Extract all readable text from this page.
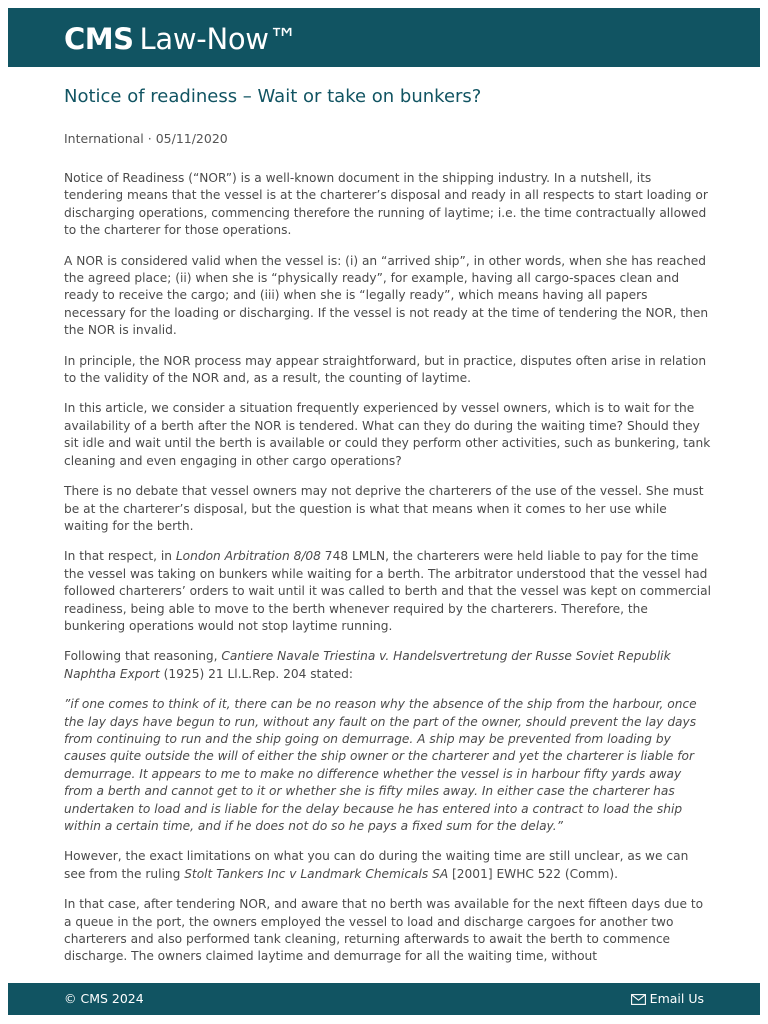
CMS Law-Now™
Notice of readiness – Wait or take on bunkers?
International · 05/11/2020

Notice of Readiness (“NOR”) is a well-known document in the shipping industry. In a nutshell, its tendering means that the vessel is at the charterer’s disposal and ready in all respects to start loading or discharging operations, commencing therefore the running of laytime; i.e. the time contractually allowed to the charterer for those operations.

A NOR is considered valid when the vessel is: (i) an “arrived ship”, in other words, when she has reached the agreed place; (ii) when she is “physically ready”, for example, having all cargo-spaces clean and ready to receive the cargo; and (iii) when she is “legally ready”, which means having all papers necessary for the loading or discharging. If the vessel is not ready at the time of tendering the NOR, then the NOR is invalid.

In principle, the NOR process may appear straightforward, but in practice, disputes often arise in relation to the validity of the NOR and, as a result, the counting of laytime.

In this article, we consider a situation frequently experienced by vessel owners, which is to wait for the availability of a berth after the NOR is tendered. What can they do during the waiting time? Should they sit idle and wait until the berth is available or could they perform other activities, such as bunkering, tank cleaning and even engaging in other cargo operations?

There is no debate that vessel owners may not deprive the charterers of the use of the vessel. She must be at the charterer’s disposal, but the question is what that means when it comes to her use while waiting for the berth.

In that respect, in London Arbitration 8/08 748 LMLN, the charterers were held liable to pay for the time the vessel was taking on bunkers while waiting for a berth. The arbitrator understood that the vessel had followed charterers’ orders to wait until it was called to berth and that the vessel was kept on commercial readiness, being able to move to the berth whenever required by the charterers. Therefore, the bunkering operations would not stop laytime running.

Following that reasoning, Cantiere Navale Triestina v. Handelsvertretung der Russe Soviet Republik Naphtha Export (1925) 21 Ll.L.Rep. 204 stated:

”if one comes to think of it, there can be no reason why the absence of the ship from the harbour, once the lay days have begun to run, without any fault on the part of the owner, should prevent the lay days from continuing to run and the ship going on demurrage. A ship may be prevented from loading by causes quite outside the will of either the ship owner or the charterer and yet the charterer is liable for demurrage. It appears to me to make no difference whether the vessel is in harbour fifty yards away from a berth and cannot get to it or whether she is fifty miles away. In either case the charterer has undertaken to load and is liable for the delay because he has entered into a contract to load the ship within a certain time, and if he does not do so he pays a fixed sum for the delay.”

However, the exact limitations on what you can do during the waiting time are still unclear, as we can see from the ruling Stolt Tankers Inc v Landmark Chemicals SA [2001] EWHC 522 (Comm).

In that case, after tendering NOR, and aware that no berth was available for the next fifteen days due to a queue in the port, the owners employed the vessel to load and discharge cargoes for another two charterers and also performed tank cleaning, returning afterwards to await the berth to commence discharge. The owners claimed laytime and demurrage for all the waiting time, without

© CMS 2024	Email Us
